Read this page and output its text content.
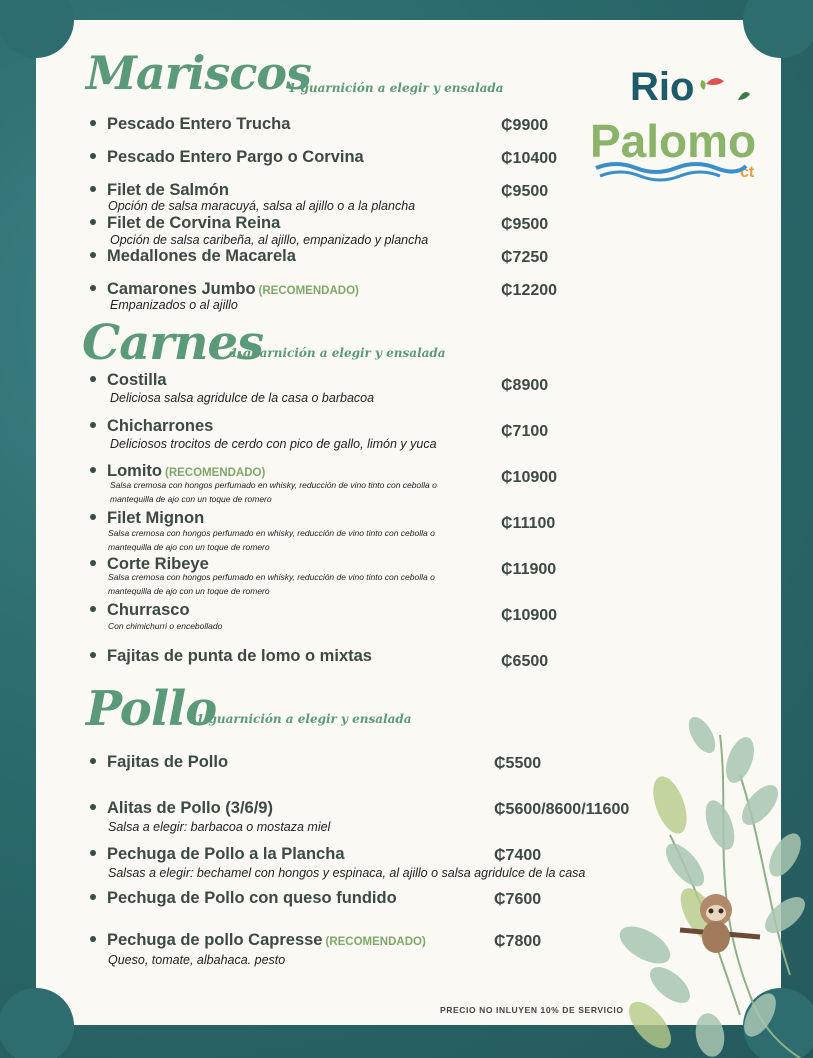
Rio
Palomo
ct
Mariscos
1 guarnición a elegir y ensalada
Pescado Entero Trucha	₵9900
Pescado Entero Pargo o Corvina	₵10400
Filet de Salmón	₵9500
Opción de salsa maracuyá, salsa al ajillo o a la plancha
Filet de Corvina Reina	₵9500
Opción de salsa caribeña, al ajillo, empanizado y plancha
Medallones de Macarela	₵7250
Camarones Jumbo (RECOMENDADO)	₵12200
Empanizados o al ajillo
Carnes
1 guarnición a elegir y ensalada
Costilla	₵8900
Deliciosa salsa agridulce de la casa o barbacoa
Chicharrones	₵7100
Deliciosos trocitos de cerdo con pico de gallo, limón y yuca
Lomito (RECOMENDADO)	₵10900
Salsa cremosa con hongos perfumado en whisky, reducción de vino tinto con cebolla o
mantequilla de ajo con un toque de romero
Filet Mignon	₵11100
Salsa cremosa con hongos perfumado en whisky, reducción de vino tinto con cebolla o
mantequilla de ajo con un toque de romero
Corte Ribeye	₵11900
Salsa cremosa con hongos perfumado en whisky, reducción de vino tinto con cebolla o
mantequilla de ajo con un toque de romero
Churrasco	₵10900
Con chimichurri o encebollado
Fajitas de punta de lomo o mixtas	₵6500
Pollo
1 guarnición a elegir y ensalada
Fajitas de Pollo	₵5500
Alitas de Pollo (3/6/9)	₵5600/8600/11600
Salsa a elegir: barbacoa o mostaza miel
Pechuga de Pollo a la Plancha	₵7400
Salsas a elegir: bechamel con hongos y espinaca, al ajillo o salsa agridulce de la casa
Pechuga de Pollo con queso fundido	₵7600
Pechuga de pollo Capresse (RECOMENDADO)	₵7800
Queso, tomate, albahaca. pesto
PRECIO NO INLUYEN 10% DE SERVICIO
